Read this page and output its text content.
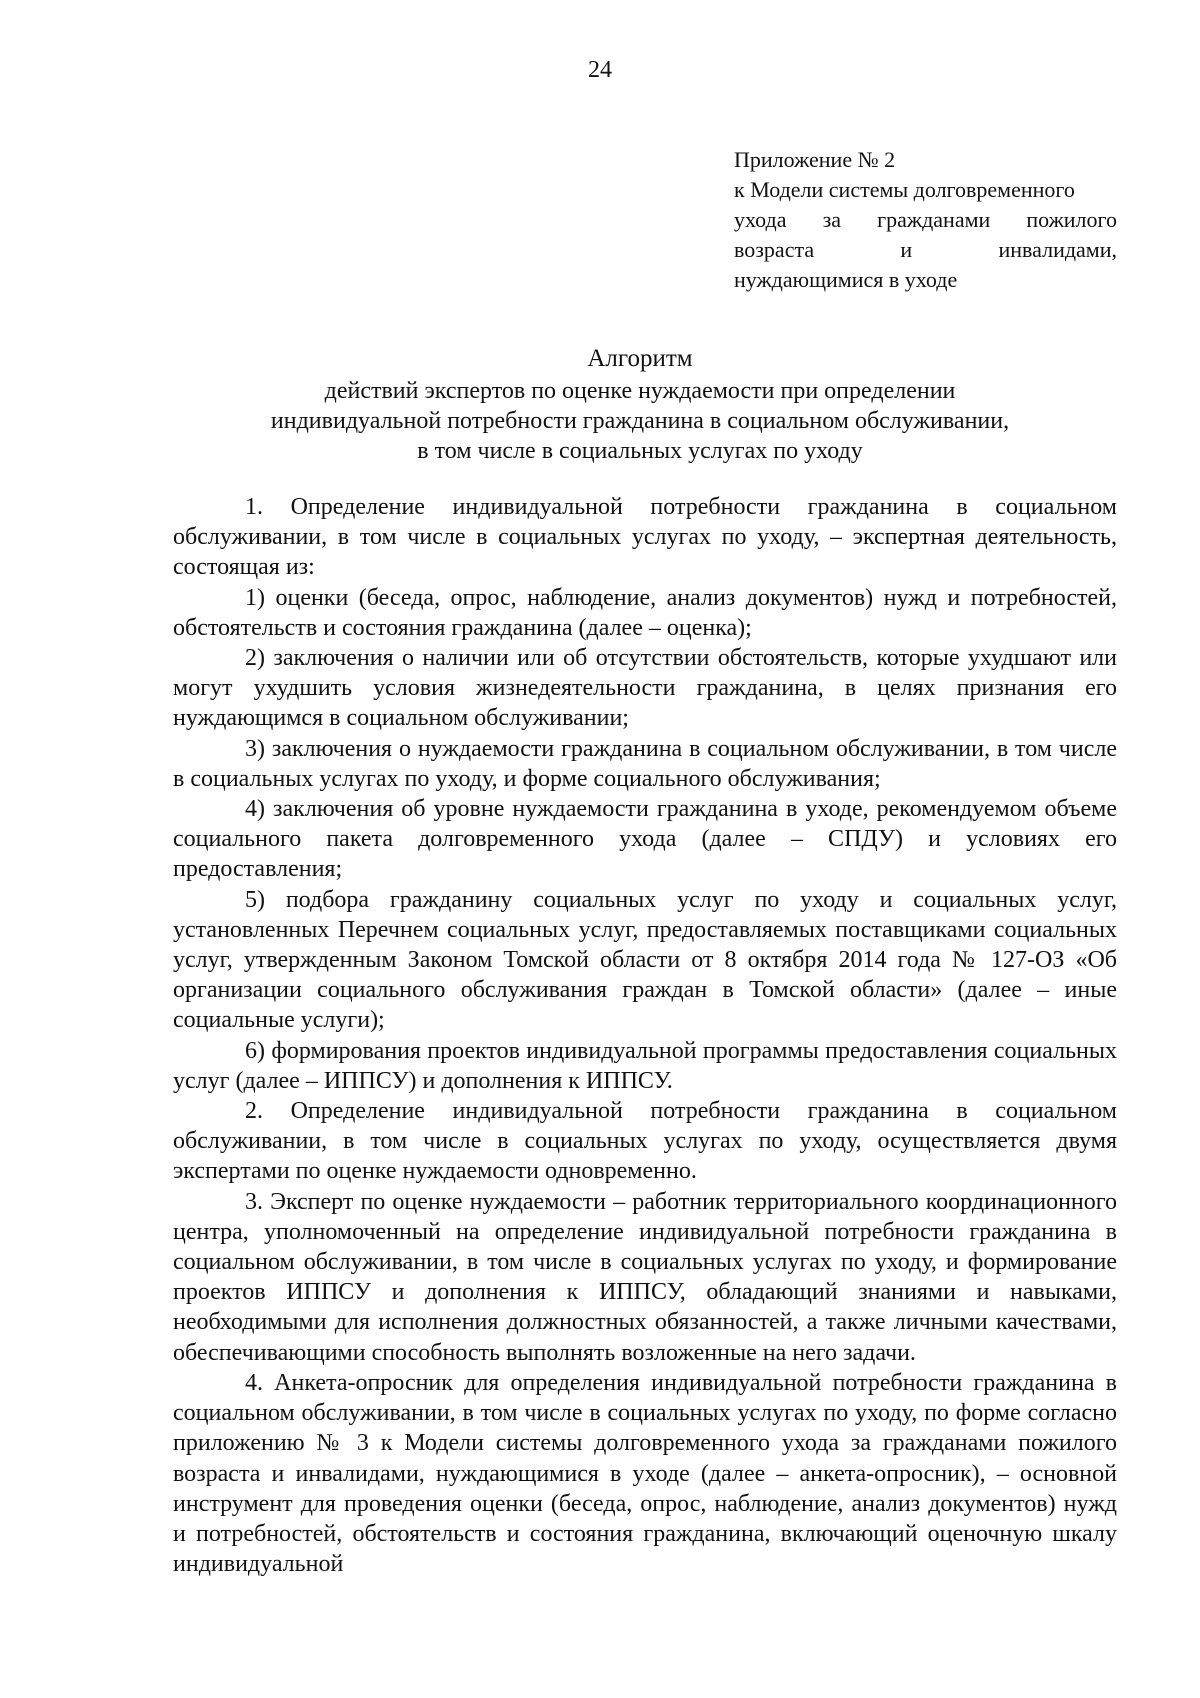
24
Приложение № 2
к Модели системы долговременного
ухода за гражданами пожилого
возраста	и	инвалидами,
нуждающимися в уходе
Алгоритм
действий экспертов по оценке нуждаемости при определении
индивидуальной потребности гражданина в социальном обслуживании,
в том числе в социальных услугах по уходу

1. Определение индивидуальной потребности гражданина в социальном обслуживании, в том числе в социальных услугах по уходу, – экспертная деятельность, состоящая из:

1) оценки (беседа, опрос, наблюдение, анализ документов) нужд и потребностей, обстоятельств и состояния гражданина (далее – оценка);

2) заключения о наличии или об отсутствии обстоятельств, которые ухудшают или могут ухудшить условия жизнедеятельности гражданина, в целях признания его нуждающимся в социальном обслуживании;

3) заключения о нуждаемости гражданина в социальном обслуживании, в том числе в социальных услугах по уходу, и форме социального обслуживания;

4) заключения об уровне нуждаемости гражданина в уходе, рекомендуемом объеме социального пакета долговременного ухода (далее – СПДУ) и условиях его предоставления;

5) подбора гражданину социальных услуг по уходу и социальных услуг, установленных Перечнем социальных услуг, предоставляемых поставщиками социальных услуг, утвержденным Законом Томской области от 8 октября 2014 года № 127-ОЗ «Об организации социального обслуживания граждан в Томской области» (далее – иные социальные услуги);

6) формирования проектов индивидуальной программы предоставления социальных услуг (далее – ИППСУ) и дополнения к ИППСУ.

2. Определение индивидуальной потребности гражданина в социальном обслуживании, в том числе в социальных услугах по уходу, осуществляется двумя экспертами по оценке нуждаемости одновременно.

3. Эксперт по оценке нуждаемости – работник территориального координационного центра, уполномоченный на определение индивидуальной потребности гражданина в социальном обслуживании, в том числе в социальных услугах по уходу, и формирование проектов ИППСУ и дополнения к ИППСУ, обладающий знаниями и навыками, необходимыми для исполнения должностных обязанностей, а также личными качествами, обеспечивающими способность выполнять возложенные на него задачи.

4. Анкета-опросник для определения индивидуальной потребности гражданина в социальном обслуживании, в том числе в социальных услугах по уходу, по форме согласно приложению № 3 к Модели системы долговременного ухода за гражданами пожилого возраста и инвалидами, нуждающимися в уходе (далее – анкета-опросник), – основной инструмент для проведения оценки (беседа, опрос, наблюдение, анализ документов) нужд и потребностей, обстоятельств и состояния гражданина, включающий оценочную шкалу индивидуальной
